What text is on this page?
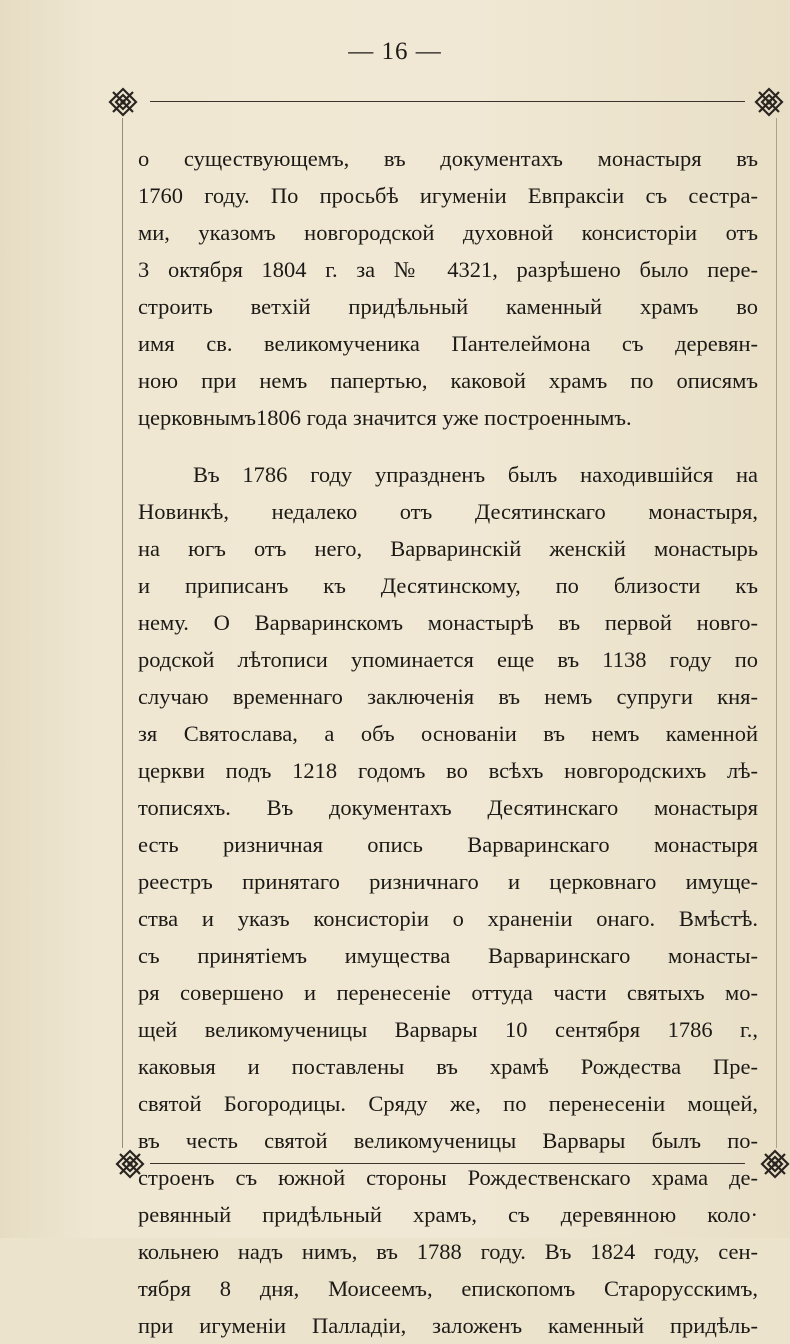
— 16 —
о существующемъ, въ документахъ монастыря въ
1760 году. По просьбѣ игуменіи Евпраксіи съ сестра-
ми, указомъ новгородской духовной консисторіи отъ
3 октября 1804 г. за № 4321, разрѣшено было пере-
строить ветхій придѣльный каменный храмъ во
имя св. великомученика Пантелеймона съ деревян-
ною при немъ папертью, каковой храмъ по описямъ
церковнымъ1806 года значится уже построеннымъ.
Въ 1786 году упраздненъ былъ находившійся на
Новинкѣ, недалеко отъ Десятинскаго монастыря,
на югъ отъ него, Варваринскій женскій монастырь
и приписанъ къ Десятинскому, по близости къ
нему. О Варваринскомъ монастырѣ въ первой новго-
родской лѣтописи упоминается еще въ 1138 году по
случаю временнаго заключенія въ немъ супруги кня-
зя Святослава, а объ основаніи въ немъ каменной
церкви подъ 1218 годомъ во всѣхъ новгородскихъ лѣ-
тописяхъ. Въ документахъ Десятинскаго монастыря
есть ризничная опись Варваринскаго монастыря
реестръ принятаго ризничнаго и церковнаго имуще-
ства и указъ консисторіи о храненіи онаго. Вмѣстѣ.
съ принятіемъ имущества Варваринскаго монасты-
ря совершено и перенесеніе оттуда части святыхъ мо-
щей великомученицы Варвары 10 сентября 1786 г.,
каковыя и поставлены въ храмѣ Рождества Пре-
святой Богородицы. Сряду же, по перенесеніи мощей,
въ честь святой великомученицы Варвары былъ по-
строенъ съ южной стороны Рождественскаго храма де-
ревянный придѣльный храмъ, съ деревянною коло·
кольнею надъ нимъ, въ 1788 году. Въ 1824 году, сен-
тября 8 дня, Моисеемъ, епископомъ Старорусскимъ,
при игуменіи Палладіи, заложенъ каменный придѣль-
